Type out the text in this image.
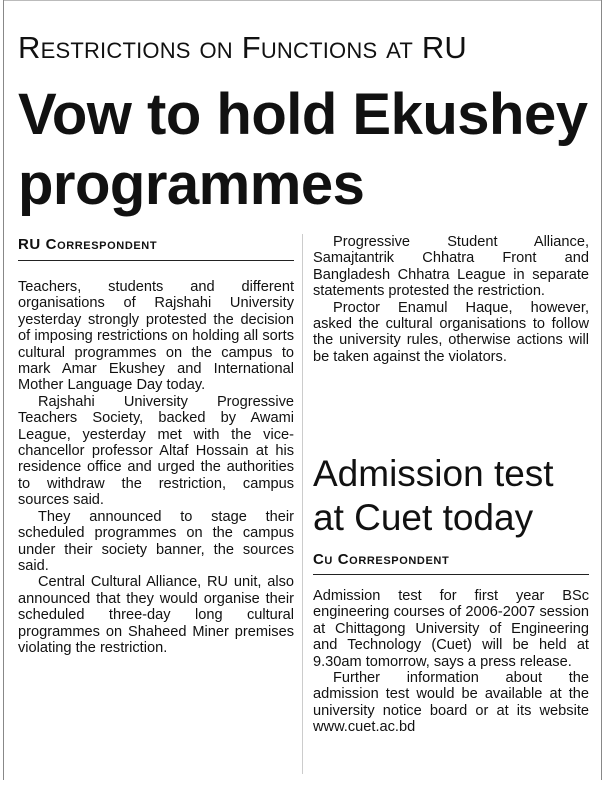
Restrictions on Functions at RU
Vow to hold Ekushey programmes
RU Correspondent

Teachers, students and different organisations of Rajshahi University yesterday strongly protested the decision of imposing restrictions on holding all sorts cultural programmes on the campus to mark Amar Ekushey and International Mother Language Day today.

Rajshahi University Progressive Teachers Society, backed by Awami League, yesterday met with the vice-chancellor professor Altaf Hossain at his residence office and urged the authorities to withdraw the restriction, campus sources said.

They announced to stage their scheduled programmes on the campus under their society banner, the sources said.

Central Cultural Alliance, RU unit, also announced that they would organise their scheduled three-day long cultural programmes on Shaheed Miner premises violating the restriction.

Progressive Student Alliance, Samajtantrik Chhatra Front and Bangladesh Chhatra League in separate statements protested the restriction.

Proctor Enamul Haque, however, asked the cultural organisations to follow the university rules, otherwise actions will be taken against the violators.

Admission test at Cuet today
Cu Correspondent

Admission test for first year BSc engineering courses of 2006-2007 session at Chittagong University of Engineering and Technology (Cuet) will be held at 9.30am tomorrow, says a press release.

Further information about the admission test would be available at the university notice board or at its website www.cuet.ac.bd
